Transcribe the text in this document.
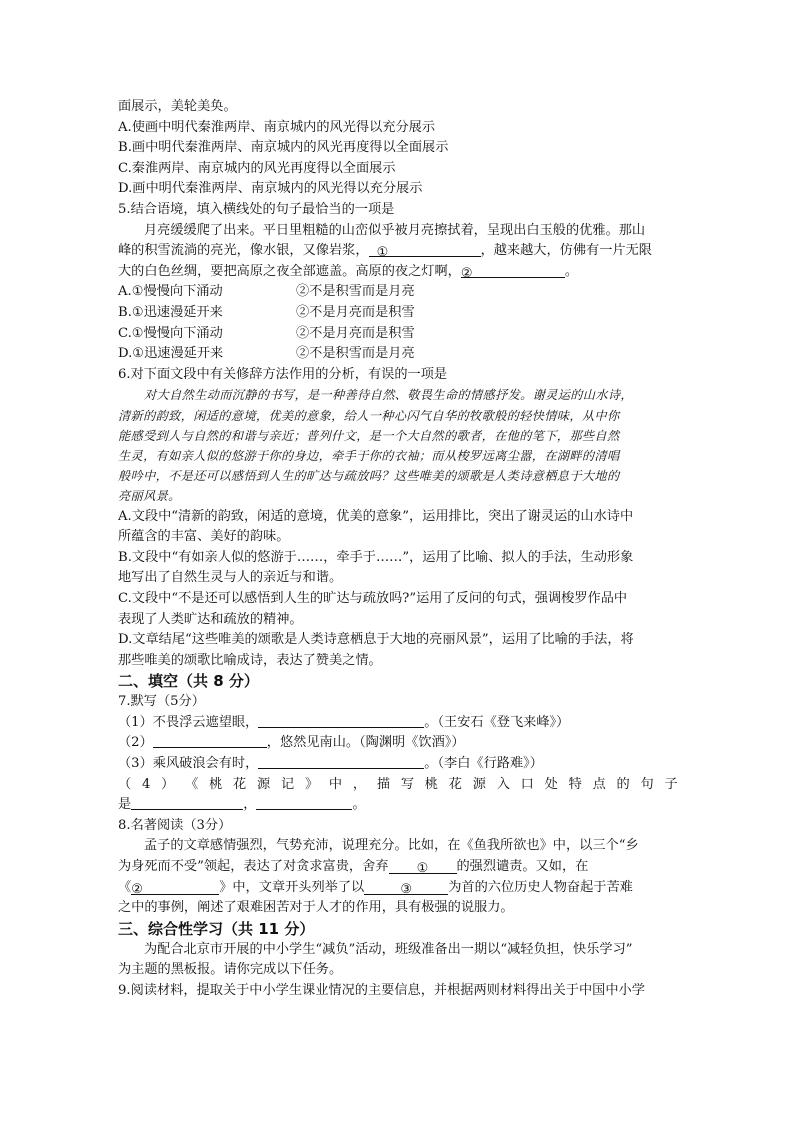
面展示，美轮美奂。
A.使画中明代秦淮两岸、南京城内的风光得以充分展示
B.画中明代秦淮两岸、南京城内的风光再度得以全面展示
C.秦淮两岸、南京城内的风光再度得以全面展示
D.画中明代秦淮两岸、南京城内的风光得以充分展示
5.结合语境，填入横线处的句子最恰当的一项是
月亮缓缓爬了出来。平日里粗糙的山峦似乎被月亮擦拭着，呈现出白玉般的优雅。那山
峰的积雪流淌的亮光，像水银，又像岩浆， ①	，越来越大，仿佛有一片无限
大的白色丝绸，要把高原之夜全部遮盖。高原的夜之灯啊，②	。
A.①慢慢向下涌动	②不是积雪而是月亮
B.①迅速漫延开来	②不是月亮而是积雪
C.①慢慢向下涌动	②不是月亮而是积雪
D.①迅速漫延开来	②不是积雪而是月亮
6.对下面文段中有关修辞方法作用的分析，有误的一项是
对大自然生动而沉静的书写，是一种善待自然、敬畏生命的情感抒发。谢灵运的山水诗，
清新的韵致，闲适的意境，优美的意象，给人一种心闪气自华的牧歌般的轻快情味，从中你
能感受到人与自然的和谐与亲近；普列什文，是一个大自然的歌者，在他的笔下，那些自然
生灵，有如亲人似的悠游于你的身边，牵手于你的衣袖；而从梭罗远离尘嚣，在湖畔的清唱
般吟中，不是还可以感悟到人生的旷达与疏放吗？这些唯美的颂歌是人类诗意栖息于大地的
亮丽风景。
A.文段中“清新的韵致，闲适的意境，优美的意象”，运用排比，突出了谢灵运的山水诗中
所蕴含的丰富、美好的韵味。
B.文段中“有如亲人似的悠游于……，牵手于……”，运用了比喻、拟人的手法，生动形象
地写出了自然生灵与人的亲近与和谐。
C.文段中“不是还可以感悟到人生的旷达与疏放吗?”运用了反问的句式，强调梭罗作品中
表现了人类旷达和疏放的精神。
D.文章结尾“这些唯美的颂歌是人类诗意栖息于大地的亮丽风景”，运用了比喻的手法，将
那些唯美的颂歌比喻成诗，表达了赞美之情。
二、填空（共 8 分）
7.默写（5分）
（1）不畏浮云遮望眼，	。（王安石《登飞来峰》）
（2）	，悠然见南山。（陶渊明《饮酒》）
（3）乘风破浪会有时，	。（李白《行路难》）
（ 4 ） 《 桃 花 源 记 》 中 ， 描 写 桃 花 源 入 口 处 特 点 的 句 子
是	，	。
8.名著阅读（3分）
孟子的文章感情强烈，气势充沛，说理充分。比如，在《鱼我所欲也》中，以三个“乡
为身死而不受”领起，表达了对贪求富贵，舍弃 ① 的强烈谴责。又如，在
《②	》中，文章开头列举了以	③	为首的六位历史人物奋起于苦难
之中的事例，阐述了艰难困苦对于人才的作用，具有极强的说服力。
三、综合性学习（共 11 分）
为配合北京市开展的中小学生“减负”活动，班级准备出一期以“减轻负担，快乐学习”
为主题的黑板报。请你完成以下任务。
9.阅读材料，提取关于中小学生课业情况的主要信息，并根据两则材料得出关于中国中小学
